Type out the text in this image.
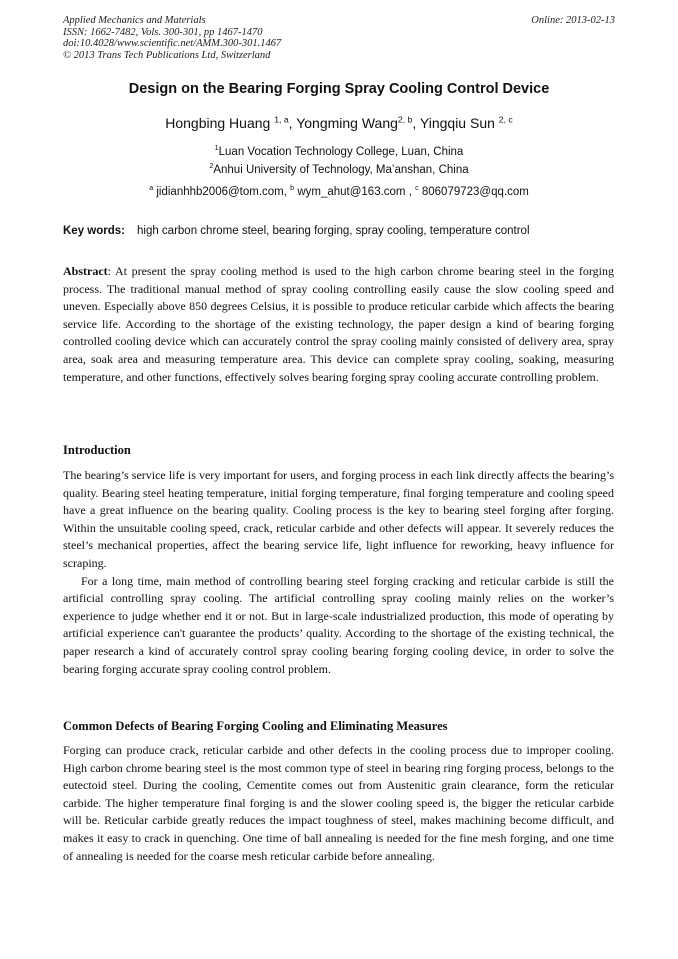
Applied Mechanics and Materials
ISSN: 1662-7482, Vols. 300-301, pp 1467-1470
doi:10.4028/www.scientific.net/AMM.300-301.1467
© 2013 Trans Tech Publications Ltd, Switzerland
Online: 2013-02-13
Design on the Bearing Forging Spray Cooling Control Device
Hongbing Huang $^{1, a}$, Yongming Wang$^{2, b}$, Yingqiu Sun $^{2, c}$
$^1$Luan Vocation Technology College, Luan, China
$^2$Anhui University of Technology, Ma’anshan, China
$^a$ jidianhhb2006@tom.com, $^b$ wym_ahut@163.com , $^c$ 806079723@qq.com
Key words: high carbon chrome steel, bearing forging, spray cooling, temperature control

Abstract: At present the spray cooling method is used to the high carbon chrome bearing steel in the forging process. The traditional manual method of spray cooling controlling easily cause the slow cooling speed and uneven. Especially above 850 degrees Celsius, it is possible to produce reticular carbide which affects the bearing service life. According to the shortage of the existing technology, the paper design a kind of bearing forging controlled cooling device which can accurately control the spray cooling mainly consisted of delivery area, spray area, soak area and measuring temperature area. This device can complete spray cooling, soaking, measuring temperature, and other functions, effectively solves bearing forging spray cooling accurate controlling problem.

Introduction

The bearing’s service life is very important for users, and forging process in each link directly affects the bearing’s quality. Bearing steel heating temperature, initial forging temperature, final forging temperature and cooling speed have a great influence on the bearing quality. Cooling process is the key to bearing steel forging after forging. Within the unsuitable cooling speed, crack, reticular carbide and other defects will appear. It severely reduces the steel’s mechanical properties, affect the bearing service life, light influence for reworking, heavy influence for scraping.

For a long time, main method of controlling bearing steel forging cracking and reticular carbide is still the artificial controlling spray cooling. The artificial controlling spray cooling mainly relies on the worker’s experience to judge whether end it or not. But in large-scale industrialized production, this mode of operating by artificial experience can't guarantee the products’ quality. According to the shortage of the existing technical, the paper research a kind of accurately control spray cooling bearing forging cooling device, in order to solve the bearing forging accurate spray cooling control problem.

Common Defects of Bearing Forging Cooling and Eliminating Measures

Forging can produce crack, reticular carbide and other defects in the cooling process due to improper cooling. High carbon chrome bearing steel is the most common type of steel in bearing ring forging process, belongs to the eutectoid steel. During the cooling, Cementite comes out from Austenitic grain clearance, form the reticular carbide. The higher temperature final forging is and the slower cooling speed is, the bigger the reticular carbide will be. Reticular carbide greatly reduces the impact toughness of steel, makes machining become difficult, and makes it easy to crack in quenching. One time of ball annealing is needed for the fine mesh forging, and one time of annealing is needed for the coarse mesh reticular carbide before annealing.
